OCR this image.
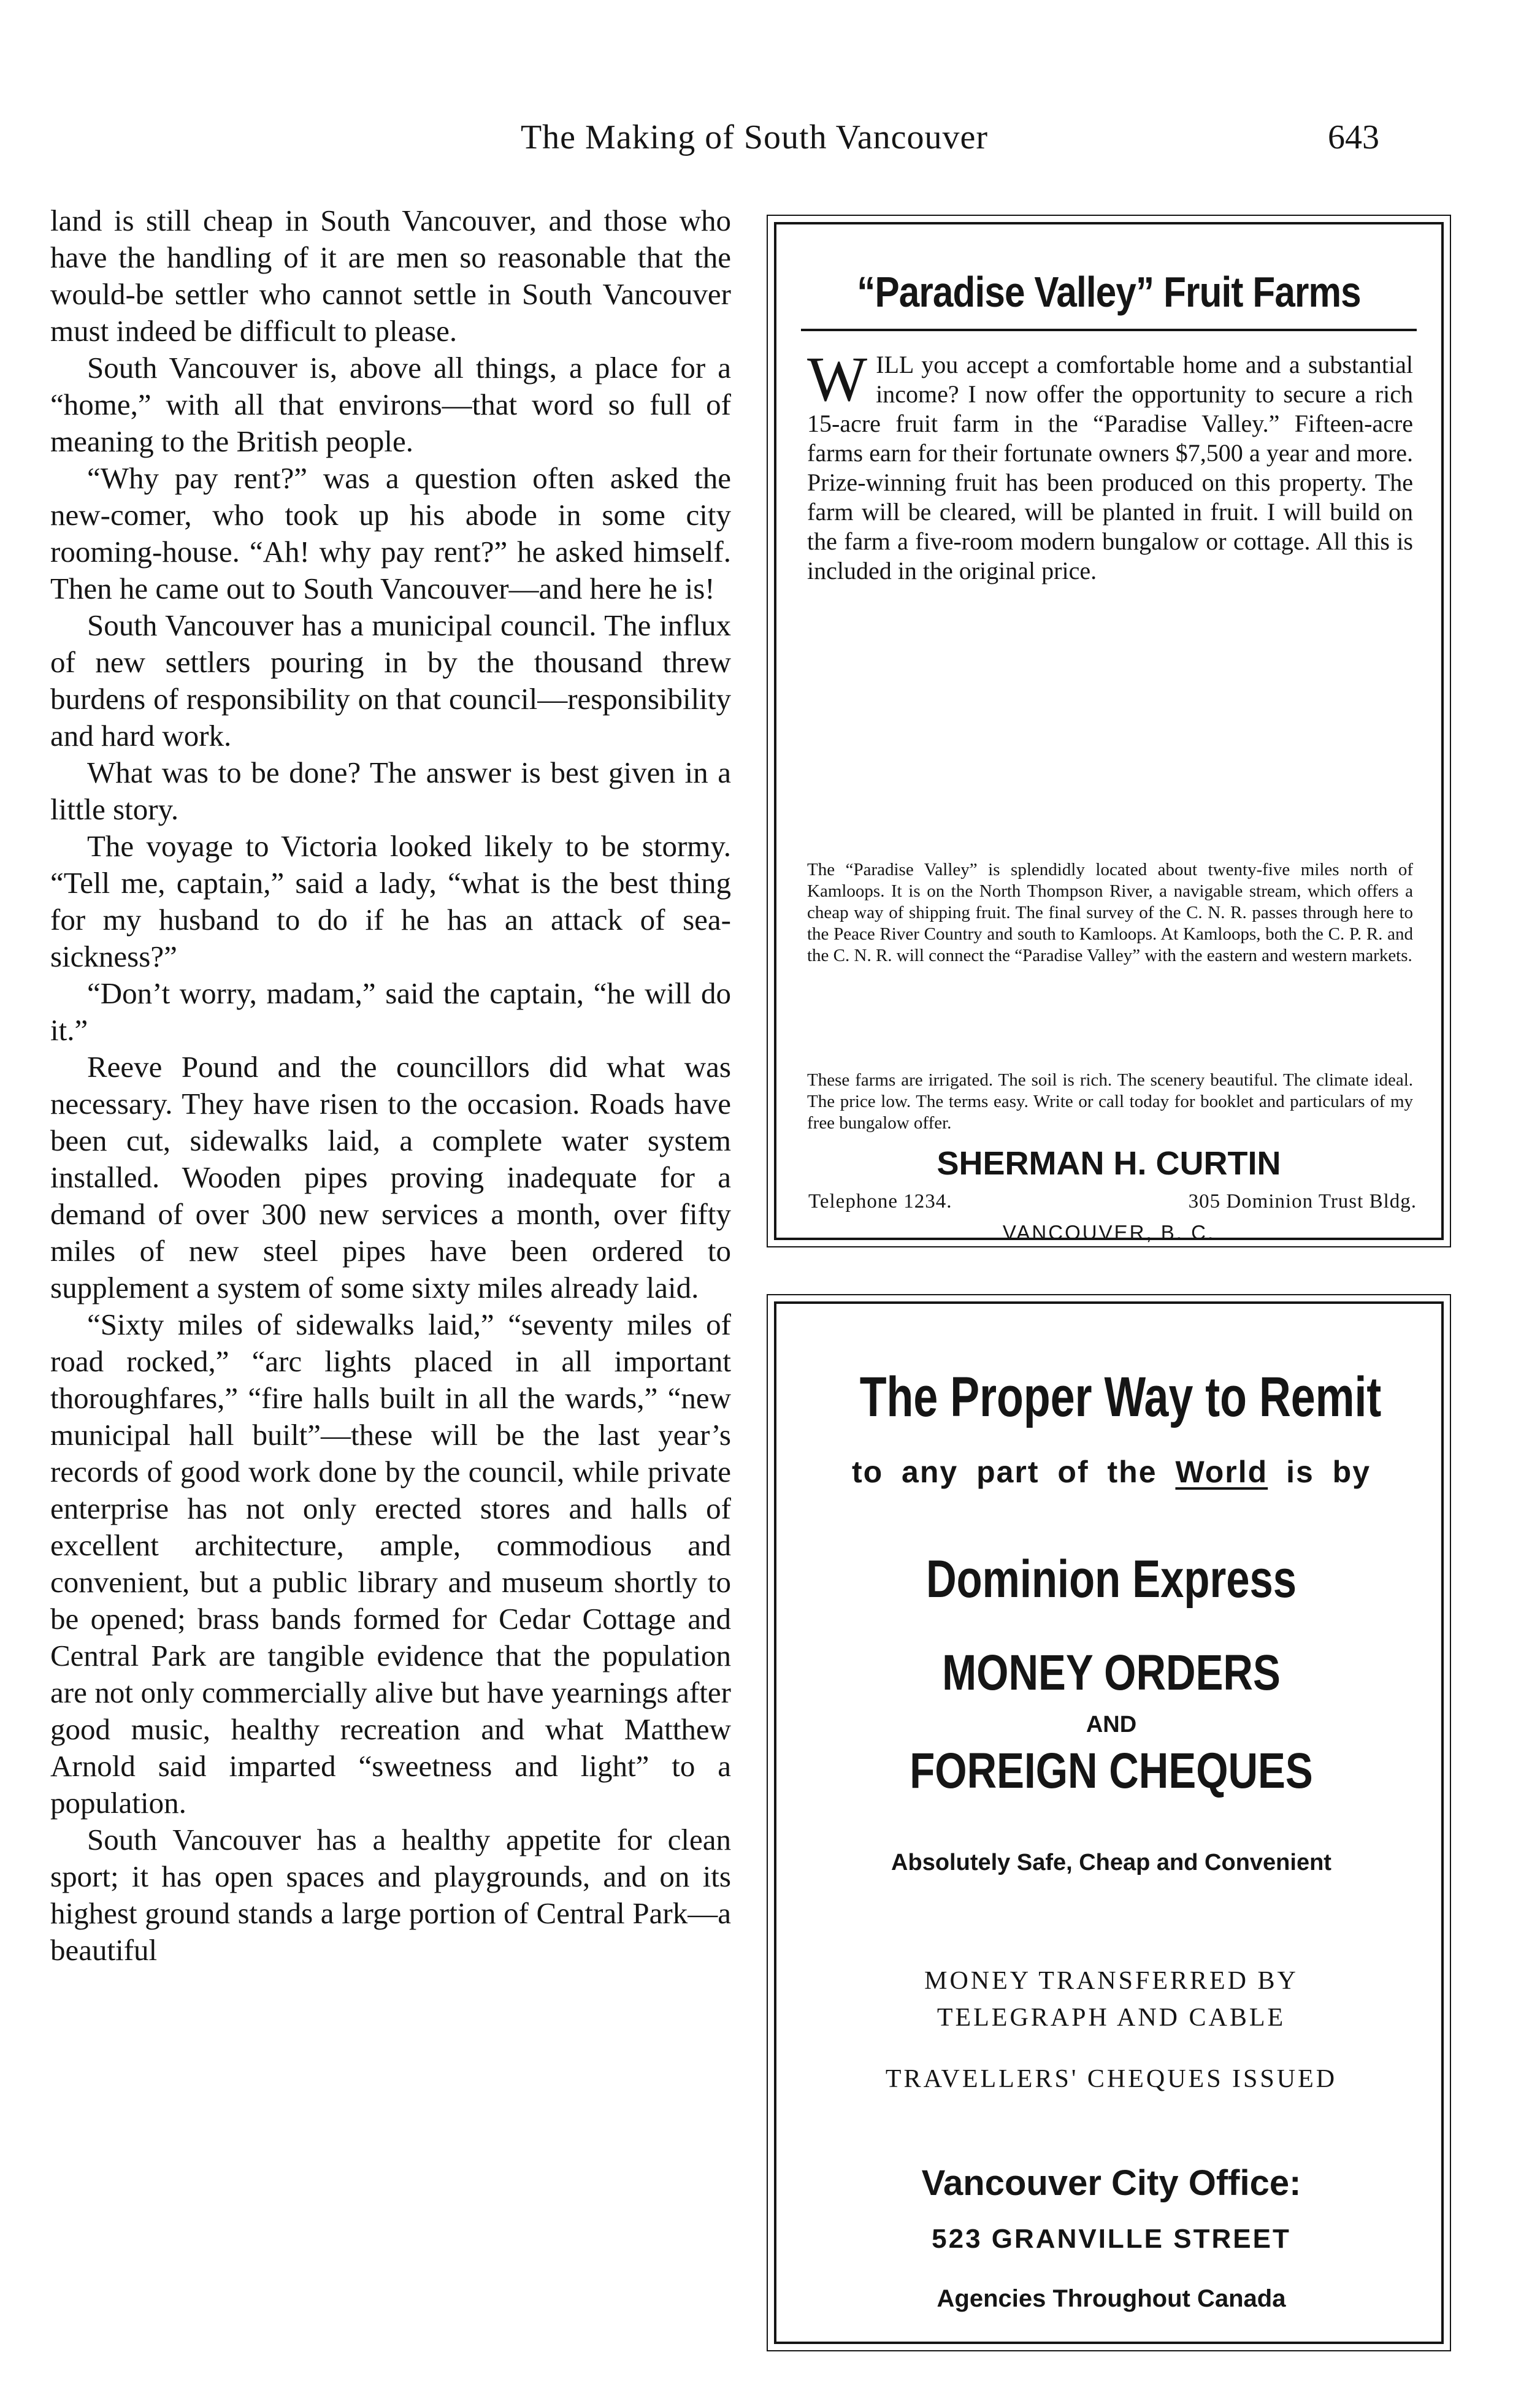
The Making of South Vancouver	643

land is still cheap in South Vancouver, and those who have the handling of it are men so reasonable that the would-be settler who cannot settle in South Vancouver must indeed be difficult to please.

South Vancouver is, above all things, a place for a “home,” with all that environs—that word so full of meaning to the British people.

“Why pay rent?” was a question often asked the new-comer, who took up his abode in some city rooming-house. “Ah! why pay rent?” he asked himself. Then he came out to South Vancouver—and here he is!

South Vancouver has a municipal council. The influx of new settlers pouring in by the thousand threw burdens of responsibility on that council—responsibility and hard work.

What was to be done? The answer is best given in a little story.

The voyage to Victoria looked likely to be stormy. “Tell me, captain,” said a lady, “what is the best thing for my husband to do if he has an attack of sea-sickness?”

“Don’t worry, madam,” said the captain, “he will do it.”

Reeve Pound and the councillors did what was necessary. They have risen to the occasion. Roads have been cut, sidewalks laid, a complete water system installed. Wooden pipes proving inadequate for a demand of over 300 new services a month, over fifty miles of new steel pipes have been ordered to supplement a system of some sixty miles already laid.

“Sixty miles of sidewalks laid,” “seventy miles of road rocked,” “arc lights placed in all important thoroughfares,” “fire halls built in all the wards,” “new municipal hall built”—these will be the last year’s records of good work done by the council, while private enterprise has not only erected stores and halls of excellent architecture, ample, commodious and convenient, but a public library and museum shortly to be opened; brass bands formed for Cedar Cottage and Central Park are tangible evidence that the population are not only commercially alive but have yearnings after good music, healthy recreation and what Matthew Arnold said imparted “sweetness and light” to a population.

South Vancouver has a healthy appetite for clean sport; it has open spaces and playgrounds, and on its highest ground stands a large portion of Central Park—a beautiful

“Paradise Valley” Fruit Farms
WILL you accept a comfortable home and a substantial income? I now offer the opportunity to secure a rich 15-acre fruit farm in the “Paradise Valley.” Fifteen-acre farms earn for their fortunate owners $7,500 a year and more. Prize-winning fruit has been produced on this property. The farm will be cleared, will be planted in fruit. I will build on the farm a five-room modern bungalow or cottage. All this is included in the original price.
The “Paradise Valley” is splendidly located about twenty-five miles north of Kamloops. It is on the North Thompson River, a navigable stream, which offers a cheap way of shipping fruit. The final survey of the C. N. R. passes through here to the Peace River Country and south to Kamloops. At Kamloops, both the C. P. R. and the C. N. R. will connect the “Paradise Valley” with the eastern and western markets.
These farms are irrigated. The soil is rich. The scenery beautiful. The climate ideal. The price low. The terms easy. Write or call today for booklet and particulars of my free bungalow offer.
SHERMAN H. CURTIN
Telephone 1234.	305 Dominion Trust Bldg.
VANCOUVER, B. C.
The Proper Way to Remit
to any part of the World is by
Dominion Express
MONEY ORDERS
AND
FOREIGN CHEQUES
Absolutely Safe, Cheap and Convenient
MONEY TRANSFERRED BY
TELEGRAPH AND CABLE
TRAVELLERS' CHEQUES ISSUED
Vancouver City Office:
523 GRANVILLE STREET
Agencies Throughout Canada
